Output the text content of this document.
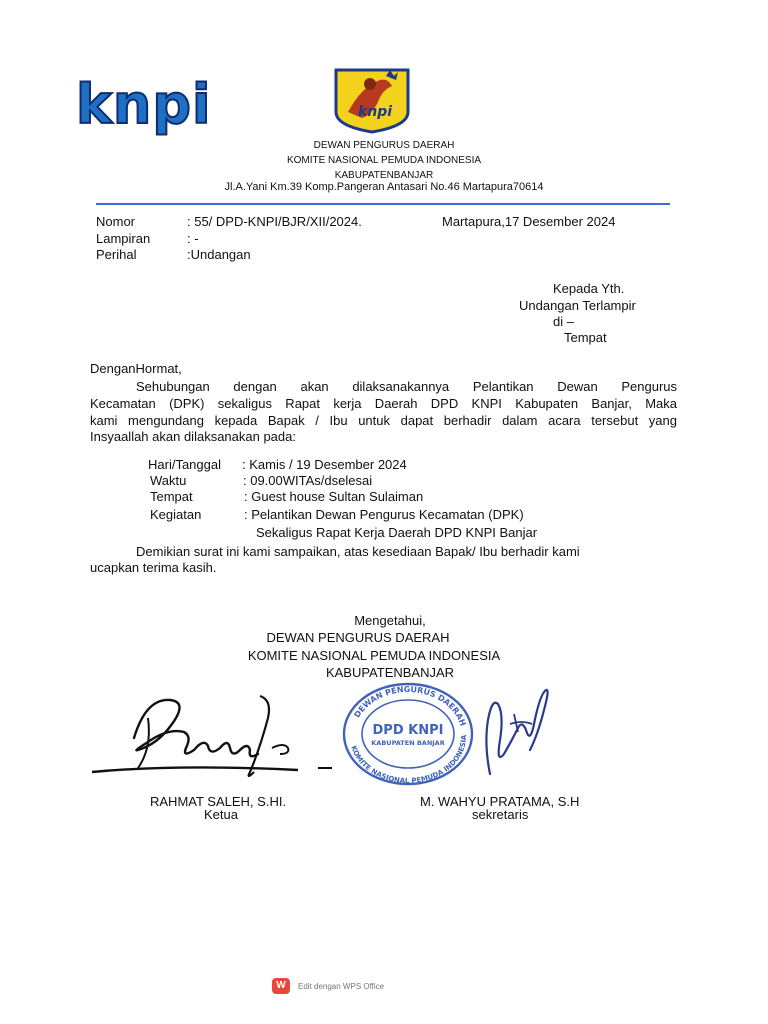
knpi	knpi
DEWAN PENGURUS DAERAH
KOMITE NASIONAL PEMUDA INDONESIA
KABUPATENBANJAR
Jl.A.Yani Km.39 Komp.Pangeran Antasari No.46 Martapura70614
Nomor	: 55/ DPD-KNPI/BJR/XII/2024.	Martapura,17 Desember 2024
Lampiran	: -
Perihal	:Undangan
Kepada Yth.
Undangan Terlampir
di –
Tempat
DenganHormat,
Sehubungan dengan akan dilaksanakannya Pelantikan Dewan Pengurus
Kecamatan (DPK) sekaligus Rapat kerja Daerah DPD KNPI Kabupaten Banjar, Maka
kami mengundang kepada Bapak / Ibu untuk dapat berhadir dalam acara tersebut yang
Insyaallah akan dilaksanakan pada:
Hari/Tanggal : Kamis / 19 Desember 2024
Waktu	: 09.00WITAs/dselesai
Tempat	: Guest house Sultan Sulaiman
Kegiatan	: Pelantikan Dewan Pengurus Kecamatan (DPK)
Sekaligus Rapat Kerja Daerah DPD KNPI Banjar
Demikian surat ini kami sampaikan, atas kesediaan Bapak/ Ibu berhadir kami
ucapkan terima kasih.
Mengetahui,
DEWAN PENGURUS DAERAH
KOMITE NASIONAL PEMUDA INDONESIA
KABUPATENBANJAR
DEWAN PENGURUS DAERAH
KOMITE NASIONAL PEMUDA INDONESIA
DPD KNPI
KABUPATEN BANJAR
RAHMAT SALEH, S.HI.
Ketua
M. WAHYU PRATAMA, S.H
sekretaris
W	Edit dengan WPS Office
